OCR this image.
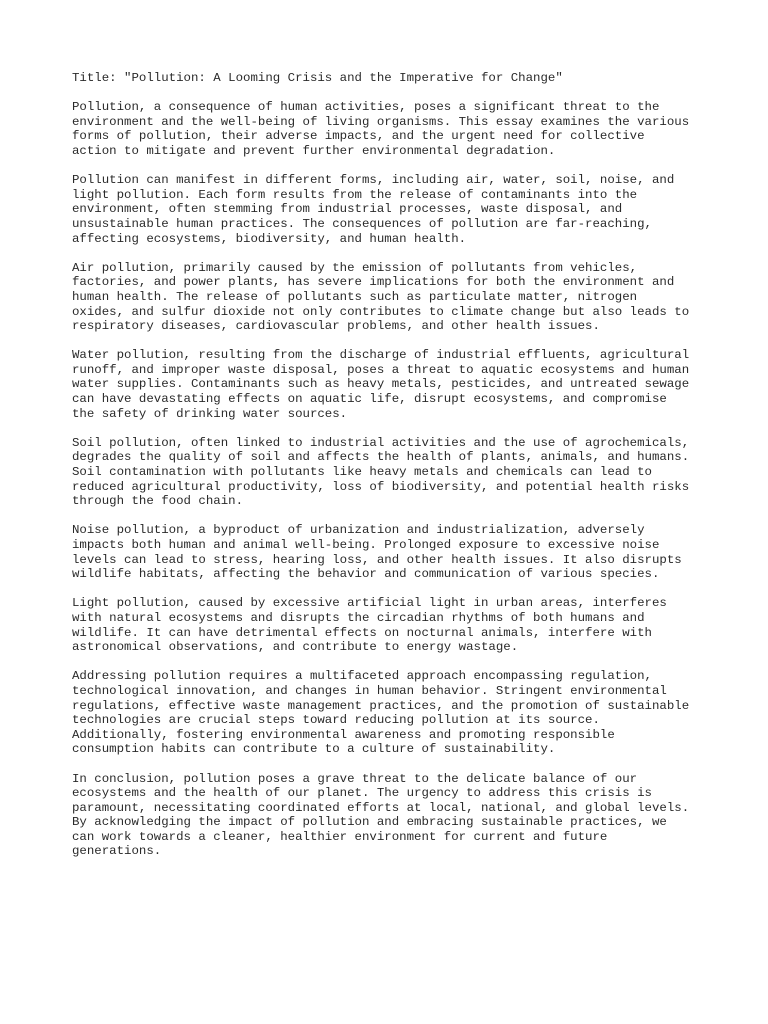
Title: "Pollution: A Looming Crisis and the Imperative for Change"
Pollution, a consequence of human activities, poses a significant threat to the
environment and the well-being of living organisms. This essay examines the various
forms of pollution, their adverse impacts, and the urgent need for collective
action to mitigate and prevent further environmental degradation.
Pollution can manifest in different forms, including air, water, soil, noise, and
light pollution. Each form results from the release of contaminants into the
environment, often stemming from industrial processes, waste disposal, and
unsustainable human practices. The consequences of pollution are far-reaching,
affecting ecosystems, biodiversity, and human health.
Air pollution, primarily caused by the emission of pollutants from vehicles,
factories, and power plants, has severe implications for both the environment and
human health. The release of pollutants such as particulate matter, nitrogen
oxides, and sulfur dioxide not only contributes to climate change but also leads to
respiratory diseases, cardiovascular problems, and other health issues.
Water pollution, resulting from the discharge of industrial effluents, agricultural
runoff, and improper waste disposal, poses a threat to aquatic ecosystems and human
water supplies. Contaminants such as heavy metals, pesticides, and untreated sewage
can have devastating effects on aquatic life, disrupt ecosystems, and compromise
the safety of drinking water sources.
Soil pollution, often linked to industrial activities and the use of agrochemicals,
degrades the quality of soil and affects the health of plants, animals, and humans.
Soil contamination with pollutants like heavy metals and chemicals can lead to
reduced agricultural productivity, loss of biodiversity, and potential health risks
through the food chain.
Noise pollution, a byproduct of urbanization and industrialization, adversely
impacts both human and animal well-being. Prolonged exposure to excessive noise
levels can lead to stress, hearing loss, and other health issues. It also disrupts
wildlife habitats, affecting the behavior and communication of various species.
Light pollution, caused by excessive artificial light in urban areas, interferes
with natural ecosystems and disrupts the circadian rhythms of both humans and
wildlife. It can have detrimental effects on nocturnal animals, interfere with
astronomical observations, and contribute to energy wastage.
Addressing pollution requires a multifaceted approach encompassing regulation,
technological innovation, and changes in human behavior. Stringent environmental
regulations, effective waste management practices, and the promotion of sustainable
technologies are crucial steps toward reducing pollution at its source.
Additionally, fostering environmental awareness and promoting responsible
consumption habits can contribute to a culture of sustainability.
In conclusion, pollution poses a grave threat to the delicate balance of our
ecosystems and the health of our planet. The urgency to address this crisis is
paramount, necessitating coordinated efforts at local, national, and global levels.
By acknowledging the impact of pollution and embracing sustainable practices, we
can work towards a cleaner, healthier environment for current and future
generations.
